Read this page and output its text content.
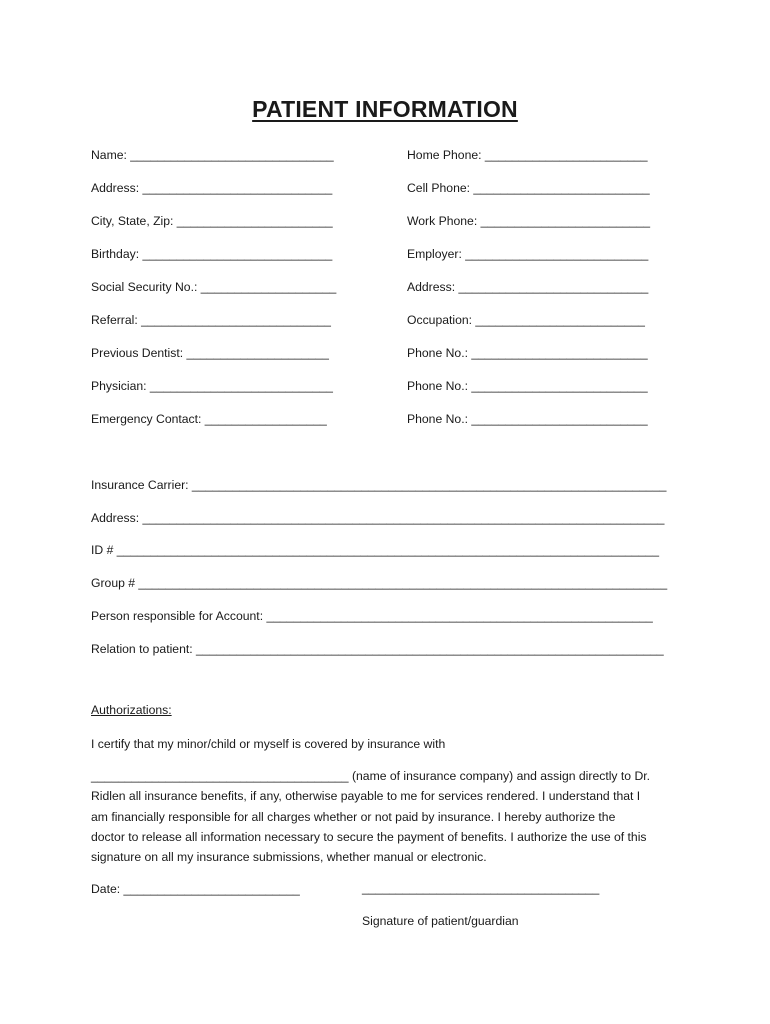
PATIENT INFORMATION
Name: ______________________________
Address: ____________________________
City, State, Zip: _______________________
Birthday: ____________________________
Social Security No.: ____________________
Referral: ____________________________
Previous Dentist: _____________________
Physician: ___________________________
Emergency Contact: __________________
Home Phone: ________________________
Cell Phone: __________________________
Work Phone: _________________________
Employer: ___________________________
Address: ____________________________
Occupation: _________________________
Phone No.: __________________________
Phone No.: __________________________
Phone No.: __________________________
Insurance Carrier: ______________________________________________________________________
Address: _____________________________________________________________________________
ID # ________________________________________________________________________________
Group # ______________________________________________________________________________
Person responsible for Account: _________________________________________________________
Relation to patient: _____________________________________________________________________
Authorizations:
I certify that my minor/child or myself is covered by insurance with
______________________________________ (name of insurance company) and assign directly to Dr.
Ridlen all insurance benefits, if any, otherwise payable to me for services rendered. I understand that I
am financially responsible for all charges whether or not paid by insurance. I hereby authorize the
doctor to release all information necessary to secure the payment of benefits. I authorize the use of this
signature on all my insurance submissions, whether manual or electronic.
Date: __________________________	___________________________________
Signature of patient/guardian
